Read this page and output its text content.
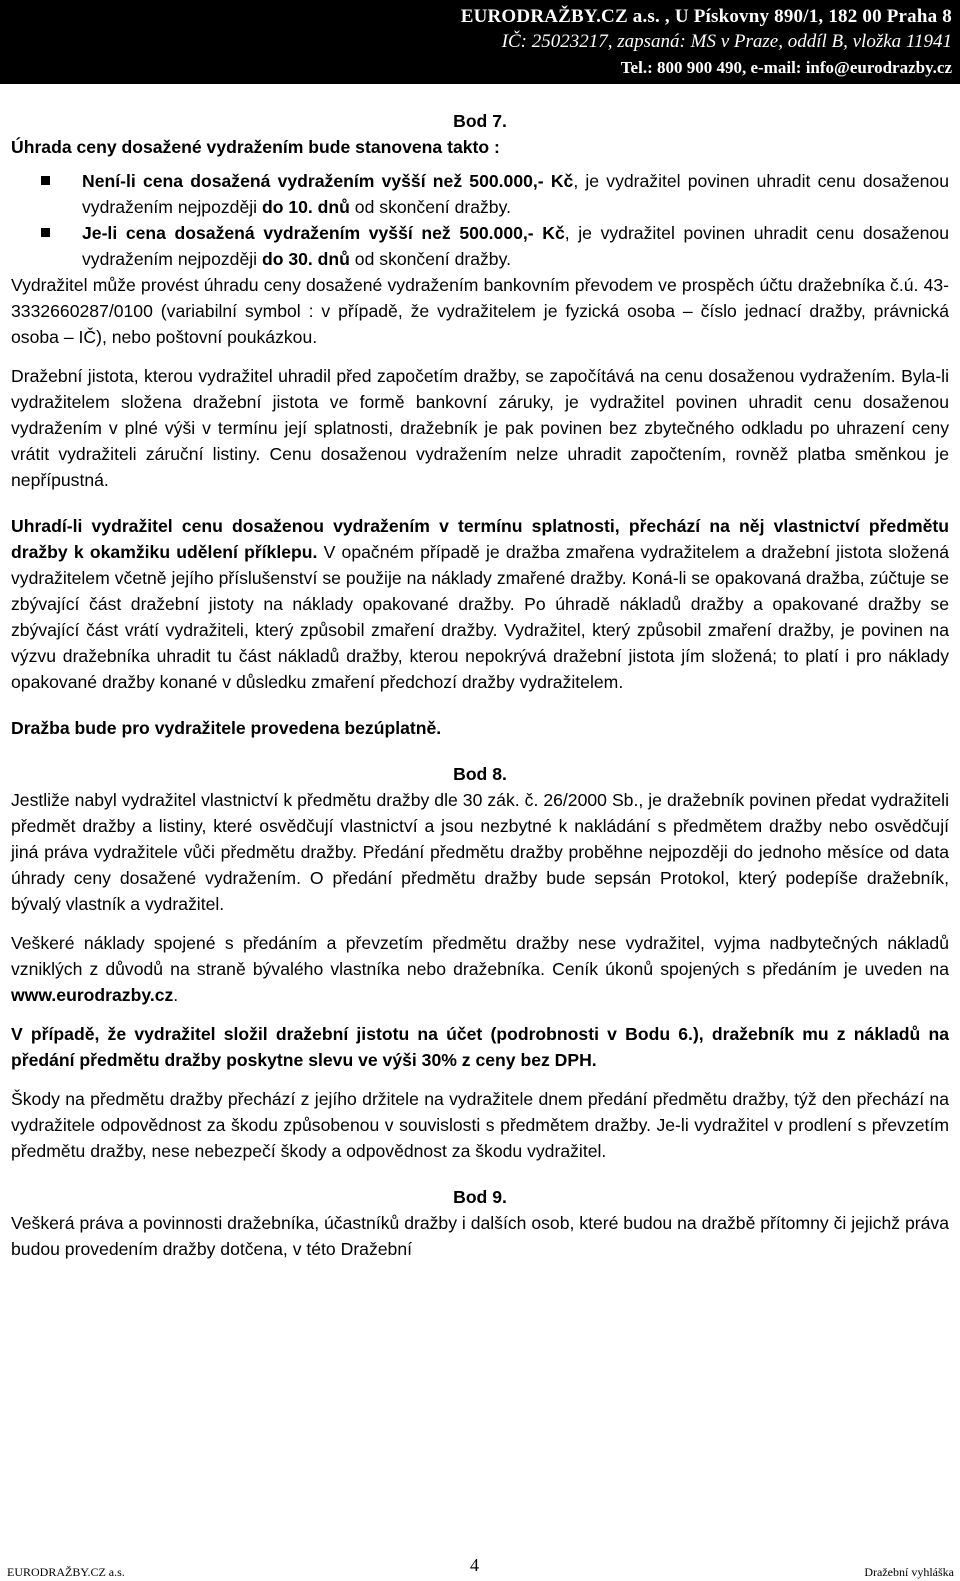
EURODRAŽBY.CZ a.s. , U Pískovny 890/1, 182 00 Praha 8
IČ: 25023217, zapsaná: MS v Praze, oddíl B, vložka 11941
Tel.: 800 900 490, e-mail: info@eurodrazby.cz

Bod 7.

Úhrada ceny dosažené vydražením bude stanovena takto :

Není-li cena dosažená vydražením vyšší než 500.000,- Kč, je vydražitel povinen uhradit cenu dosaženou vydražením nejpozději do 10. dnů od skončení dražby.
Je-li cena dosažená vydražením vyšší než 500.000,- Kč, je vydražitel povinen uhradit cenu dosaženou vydražením nejpozději do 30. dnů od skončení dražby.

Vydražitel může provést úhradu ceny dosažené vydražením bankovním převodem ve prospěch účtu dražebníka č.ú. 43-3332660287/0100 (variabilní symbol : v případě, že vydražitelem je fyzická osoba – číslo jednací dražby, právnická osoba – IČ), nebo poštovní poukázkou.

Dražební jistota, kterou vydražitel uhradil před započetím dražby, se započítává na cenu dosaženou vydražením. Byla-li vydražitelem složena dražební jistota ve formě bankovní záruky, je vydražitel povinen uhradit cenu dosaženou vydražením v plné výši v termínu její splatnosti, dražebník je pak povinen bez zbytečného odkladu po uhrazení ceny vrátit vydražiteli záruční listiny. Cenu dosaženou vydražením nelze uhradit započtením, rovněž platba směnkou je nepřípustná.

Uhradí-li vydražitel cenu dosaženou vydražením v termínu splatnosti, přechází na něj vlastnictví předmětu dražby k okamžiku udělení příklepu. V opačném případě je dražba zmařena vydražitelem a dražební jistota složená vydražitelem včetně jejího příslušenství se použije na náklady zmařené dražby. Koná-li se opakovaná dražba, zúčtuje se zbývající část dražební jistoty na náklady opakované dražby. Po úhradě nákladů dražby a opakované dražby se zbývající část vrátí vydražiteli, který způsobil zmaření dražby. Vydražitel, který způsobil zmaření dražby, je povinen na výzvu dražebníka uhradit tu část nákladů dražby, kterou nepokrývá dražební jistota jím složená; to platí i pro náklady opakované dražby konané v důsledku zmaření předchozí dražby vydražitelem.

Dražba bude pro vydražitele provedena bezúplatně.

Bod 8.

Jestliže nabyl vydražitel vlastnictví k předmětu dražby dle 30 zák. č. 26/2000 Sb., je dražebník povinen předat vydražiteli předmět dražby a listiny, které osvědčují vlastnictví a jsou nezbytné k nakládání s předmětem dražby nebo osvědčují jiná práva vydražitele vůči předmětu dražby. Předání předmětu dražby proběhne nejpozději do jednoho měsíce od data úhrady ceny dosažené vydražením. O předání předmětu dražby bude sepsán Protokol, který podepíše dražebník, bývalý vlastník a vydražitel.

Veškeré náklady spojené s předáním a převzetím předmětu dražby nese vydražitel, vyjma nadbytečných nákladů vzniklých z důvodů na straně bývalého vlastníka nebo dražebníka. Ceník úkonů spojených s předáním je uveden na www.eurodrazby.cz.

V případě, že vydražitel složil dražební jistotu na účet (podrobnosti v Bodu 6.), dražebník mu z nákladů na předání předmětu dražby poskytne slevu ve výši 30% z ceny bez DPH.

Škody na předmětu dražby přechází z jejího držitele na vydražitele dnem předání předmětu dražby, týž den přechází na vydražitele odpovědnost za škodu způsobenou v souvislosti s předmětem dražby. Je-li vydražitel v prodlení s převzetím předmětu dražby, nese nebezpečí škody a odpovědnost za škodu vydražitel.

Bod 9.

Veškerá práva a povinnosti dražebníka, účastníků dražby i dalších osob, které budou na dražbě přítomny či jejichž práva budou provedením dražby dotčena, v této Dražební

EURODRAŽBY.CZ a.s.	4	Dražební vyhláška
